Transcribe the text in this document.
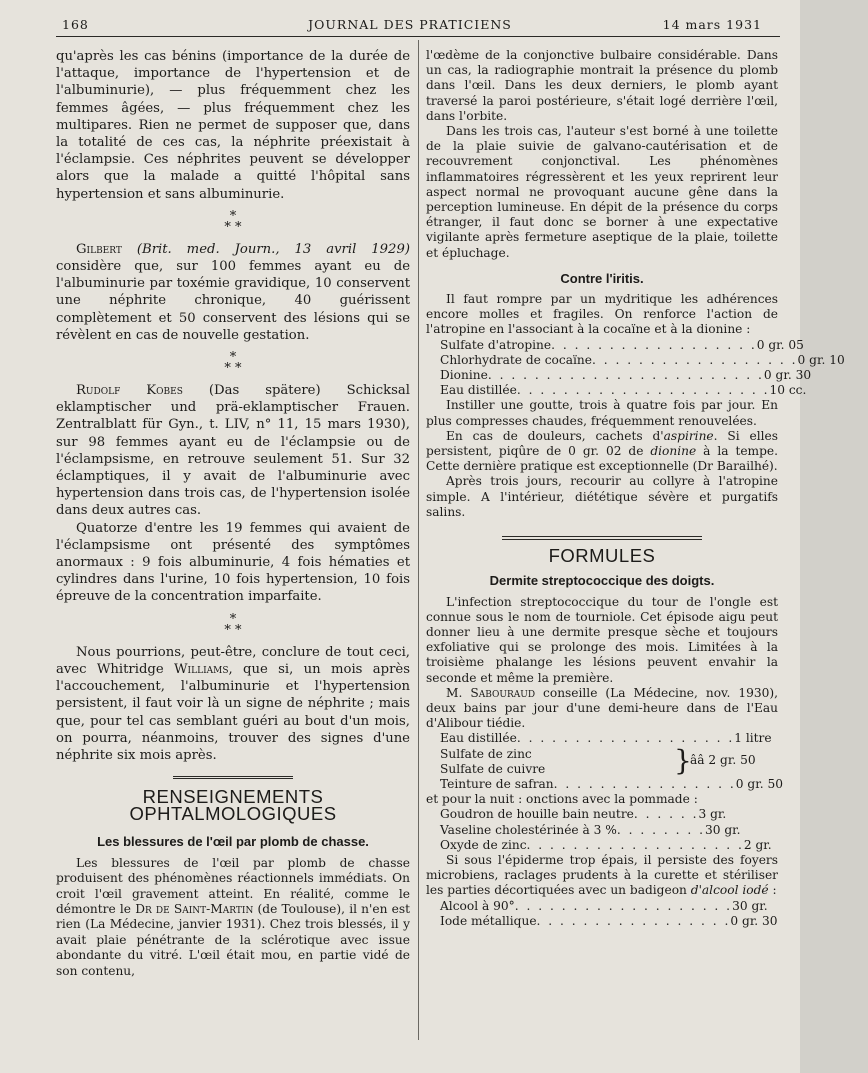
168	JOURNAL DES PRATICIENS	14 mars 1931

qu'après les cas bénins (importance de la durée de l'attaque, importance de l'hypertension et de l'albuminurie), — plus fréquemment chez les femmes âgées, — plus fréquemment chez les multipares. Rien ne permet de supposer que, dans la totalité de ces cas, la néphrite préexistait à l'éclampsie. Ces néphrites peuvent se développer alors que la malade a quitté l'hôpital sans hypertension et sans albuminurie.

*
* *

Gilbert (Brit. med. Journ., 13 avril 1929) considère que, sur 100 femmes ayant eu de l'albuminurie par toxémie gravidique, 10 conservent une néphrite chronique, 40 guérissent complètement et 50 conservent des lésions qui se révèlent en cas de nouvelle gestation.

*
* *

Rudolf Kobes (Das spätere) Schicksal eklamptischer und prä-eklamptischer Frauen. Zentralblatt für Gyn., t. LIV, n° 11, 15 mars 1930), sur 98 femmes ayant eu de l'éclampsie ou de l'éclampsisme, en retrouve seulement 51. Sur 32 éclamptiques, il y avait de l'albuminurie avec hypertension dans trois cas, de l'hypertension isolée dans deux autres cas.

Quatorze d'entre les 19 femmes qui avaient de l'éclampsisme ont présenté des symptômes anormaux : 9 fois albuminurie, 4 fois hématies et cylindres dans l'urine, 10 fois hypertension, 10 fois épreuve de la concentration imparfaite.

*
* *

Nous pourrions, peut-être, conclure de tout ceci, avec Whitridge Williams, que si, un mois après l'accouchement, l'albuminurie et l'hypertension persistent, il faut voir là un signe de néphrite ; mais que, pour tel cas semblant guéri au bout d'un mois, on pourra, néanmoins, trouver des signes d'une néphrite six mois après.

RENSEIGNEMENTS OPHTALMOLOGIQUES
Les blessures de l'œil par plomb de chasse.

Les blessures de l'œil par plomb de chasse produisent des phénomènes réactionnels immédiats. On croit l'œil gravement atteint. En réalité, comme le démontre le Dr de Saint-Martin (de Toulouse), il n'en est rien (La Médecine, janvier 1931). Chez trois blessés, il y avait plaie pénétrante de la sclérotique avec issue abondante du vitré. L'œil était mou, en partie vidé de son contenu,

l'œdème de la conjonctive bulbaire considérable. Dans un cas, la radiographie montrait la présence du plomb dans l'œil. Dans les deux derniers, le plomb ayant traversé la paroi postérieure, s'était logé derrière l'œil, dans l'orbite.

Dans les trois cas, l'auteur s'est borné à une toilette de la plaie suivie de galvano-cautérisation et de recouvrement conjonctival. Les phénomènes inflammatoires régressèrent et les yeux reprirent leur aspect normal ne provoquant aucune gêne dans la perception lumineuse. En dépit de la présence du corps étranger, il faut donc se borner à une expectative vigilante après fermeture aseptique de la plaie, toilette et épluchage.

Contre l'iritis.

Il faut rompre par un mydritique les adhérences encore molles et fragiles. On renforce l'action de l'atropine en l'associant à la cocaïne et à la dionine :

Sulfate d'atropine . . . . . . . . . . . . . . . . . . 0 gr. 05
Chlorhydrate de cocaïne . . . . . . . . . . . . . . . . . . 0 gr. 10
Dionine . . . . . . . . . . . . . . . . . . . . . . . . 0 gr. 30
Eau distillée . . . . . . . . . . . . . . . . . . . . . . 10 cc.

Instiller une goutte, trois à quatre fois par jour. En plus compresses chaudes, fréquemment renouvelées.

En cas de douleurs, cachets d'aspirine. Si elles persistent, piqûre de 0 gr. 02 de dionine à la tempe. Cette dernière pratique est exceptionnelle (Dr Barailhé).

Après trois jours, recourir au collyre à l'atropine simple. A l'intérieur, diététique sévère et purgatifs salins.

FORMULES
Dermite streptococcique des doigts.

L'infection streptococcique du tour de l'ongle est connue sous le nom de tourniole. Cet épisode aigu peut donner lieu à une dermite presque sèche et toujours exfoliative qui se prolonge des mois. Limitées à la troisième phalange les lésions peuvent envahir la seconde et même la première.

M. Sabouraud conseille (La Médecine, nov. 1930), deux bains par jour d'une demi-heure dans de l'Eau d'Alibour tiédie.

Eau distillée . . . . . . . . . . . . . . . . . . . 1 litre
Sulfate de zinc
Sulfate de cuivre	}
ââ 2 gr. 50
Teinture de safran . . . . . . . . . . . . . . . . 0 gr. 50

et pour la nuit : onctions avec la pommade :

Goudron de houille bain neutre . . . . . . 3 gr.
Vaseline cholestérinée à 3 % . . . . . . . . 30 gr.
Oxyde de zinc . . . . . . . . . . . . . . . . . . . 2 gr.

Si sous l'épiderme trop épais, il persiste des foyers microbiens, raclages prudents à la curette et stériliser les parties décortiquées avec un badigeon d'alcool iodé :

Alcool à 90° . . . . . . . . . . . . . . . . . . . 30 gr.
Iode métallique . . . . . . . . . . . . . . . . . 0 gr. 30
